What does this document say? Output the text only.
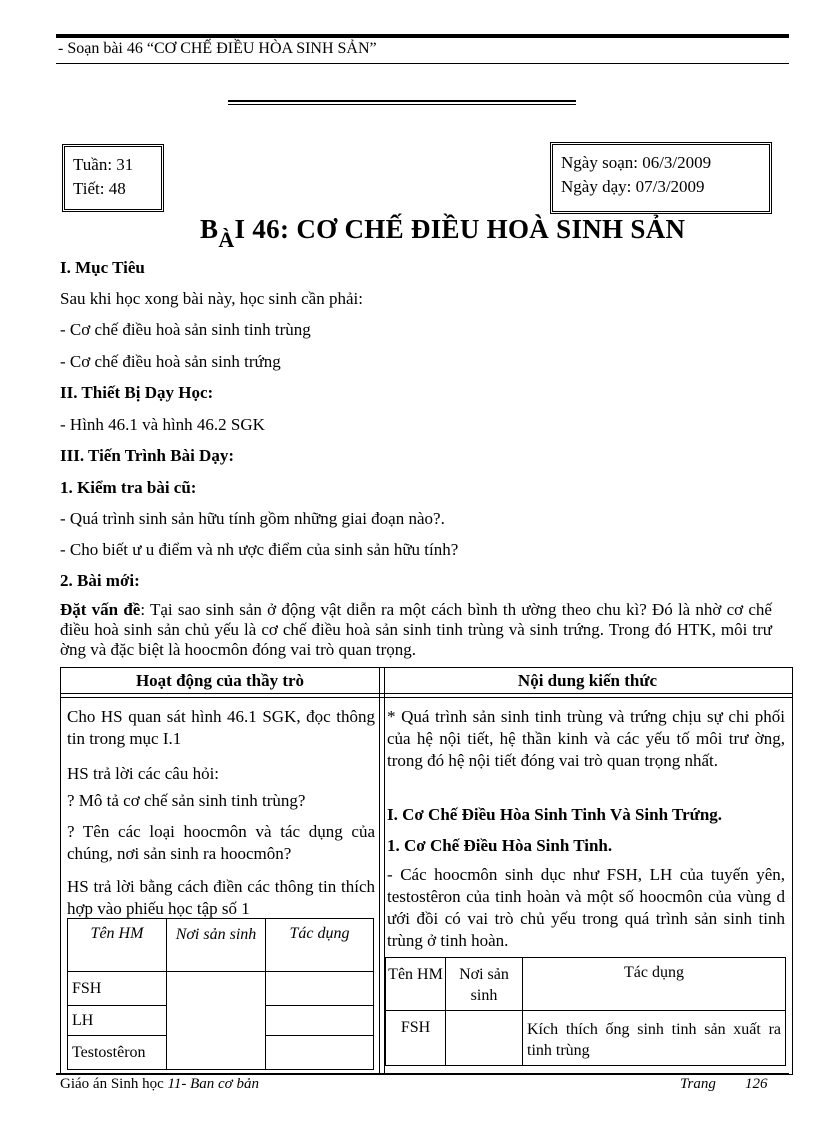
- Soạn bài 46 “CƠ CHẾ ĐIỀU HÒA SINH SẢN”
Tuần: 31
Tiết: 48
Ngày soạn: 06/3/2009
Ngày dạy: 07/3/2009
$B_ÀI$ 46: CƠ CHẾ ĐIỀU HOÀ SINH SẢN
I. Mục Tiêu
Sau khi học xong bài này, học sinh cần phải:
- Cơ chế điều hoà sản sinh tinh trùng
- Cơ chế điều hoà sản sinh trứng
II. Thiết Bị Dạy Học:
- Hình 46.1 và hình 46.2 SGK
III. Tiến Trình Bài Dạy:
1. Kiểm tra bài cũ:
- Quá trình sinh sản hữu tính gồm những giai đoạn nào?.
- Cho biết ư u điểm và nh ược điểm của sinh sản hữu tính?
2. Bài mới:
Đặt vấn đề: Tại sao sinh sản ở động vật diễn ra một cách bình th ường theo chu kì? Đó là nhờ cơ chế điều hoà sinh sản chủ yếu là cơ chế điều hoà sản sinh tinh trùng và sinh trứng. Trong đó HTK, môi trư ờng và đặc biệt là hoocmôn đóng vai trò quan trọng.
Hoạt động của thầy trò	Nội dung kiến thức
Cho HS quan sát hình 46.1 SGK, đọc thông tin trong mục I.1
HS trả lời các câu hỏi:
? Mô tả cơ chế sản sinh tinh trùng?
? Tên các loại hoocmôn và tác dụng của chúng, nơi sản sinh ra hoocmôn?
HS trả lời bằng cách điền các thông tin thích hợp vào phiếu học tập số 1
Tên HM	Nơi sản sinh	Tác dụng
FSH		
LH		
Testostêron		
* Quá trình sản sinh tinh trùng và trứng chịu sự chi phối của hệ nội tiết, hệ thần kinh và các yếu tố môi trư ờng, trong đó hệ nội tiết đóng vai trò quan trọng nhất.
I. Cơ Chế Điều Hòa Sinh Tinh Và Sinh Trứng.
1. Cơ Chế Điều Hòa Sinh Tinh.
- Các hoocmôn sinh dục như FSH, LH của tuyến yên, testostêron của tinh hoàn và một số hoocmôn của vùng d ưới đồi có vai trò chủ yếu trong quá trình sản sinh tinh trùng ở tinh hoàn.
Tên HM	Nơi sản sinh	Tác dụng
FSH		Kích thích ống sinh tinh sản xuất ra tinh trùng
Giáo án Sinh học 11- Ban cơ bản	Trang 126
